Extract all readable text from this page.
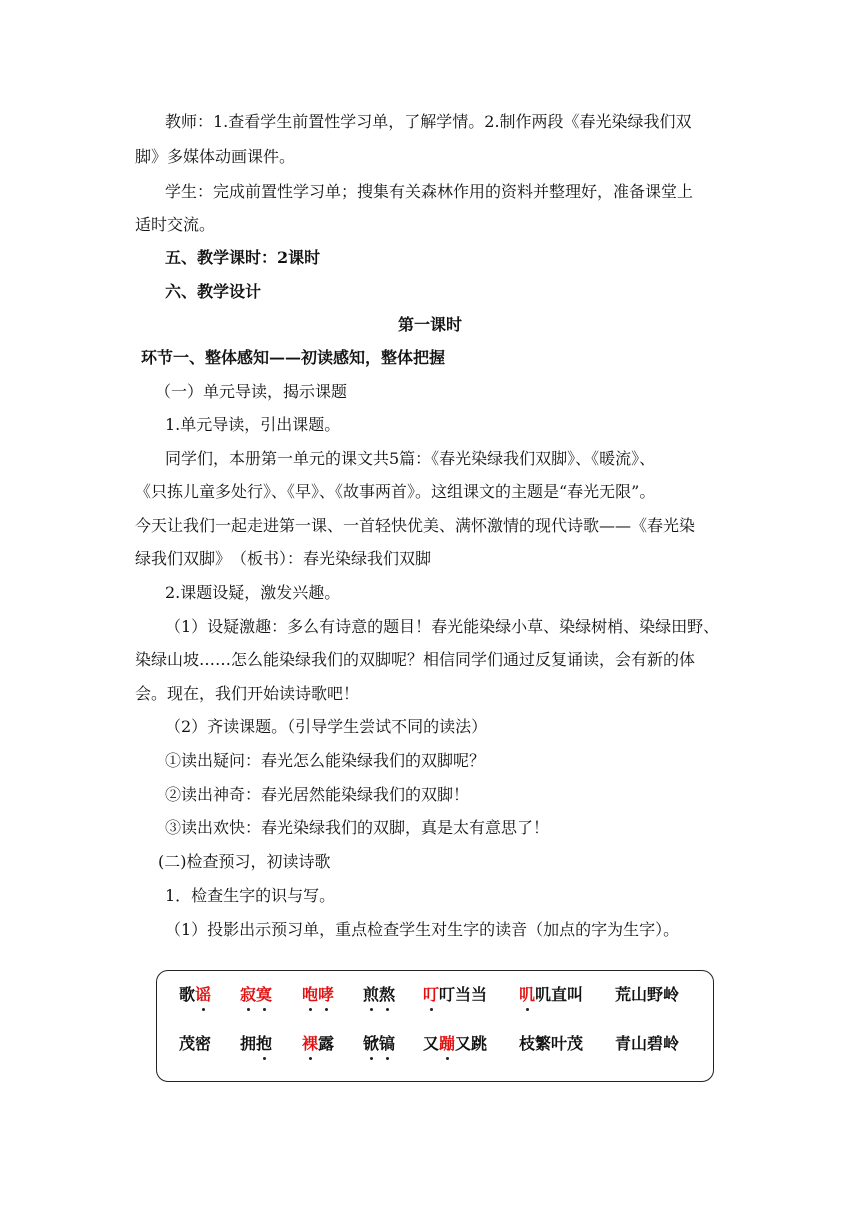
教师：1.查看学生前置性学习单，了解学情。2.制作两段《春光染绿我们双
脚》多媒体动画课件。
学生：完成前置性学习单；搜集有关森林作用的资料并整理好，准备课堂上
适时交流。
五、教学课时：2课时
六、教学设计
第一课时
环节一、整体感知——初读感知，整体把握
（一）单元导读，揭示课题
1.单元导读，引出课题。
同学们，本册第一单元的课文共5篇：《春光染绿我们双脚》、《暖流》、
《只拣儿童多处行》、《早》、《故事两首》。这组课文的主题是“春光无限”。
今天让我们一起走进第一课、一首轻快优美、满怀激情的现代诗歌——《春光染
绿我们双脚》　（板书）：春光染绿我们双脚
2.课题设疑，激发兴趣。
（1）设疑激趣：多么有诗意的题目！春光能染绿小草、染绿树梢、染绿田野、
染绿山坡……怎么能染绿我们的双脚呢？相信同学们通过反复诵读，会有新的体
会。现在，我们开始读诗歌吧！
（2）齐读课题。（引导学生尝试不同的读法）
①读出疑问：春光怎么能染绿我们的双脚呢？
②读出神奇：春光居然能染绿我们的双脚！
③读出欢快：春光染绿我们的双脚，真是太有意思了！
(二)检查预习，初读诗歌
1．检查生字的识与写。
（1）投影出示预习单，重点检查学生对生字的读音（加点的字为生字）。
歌谣 寂寞 咆哮 煎熬 叮叮当当 叽叽直叫 荒山野岭
茂密 拥抱 裸露 锨镐 又蹦又跳 枝繁叶茂 青山碧岭
